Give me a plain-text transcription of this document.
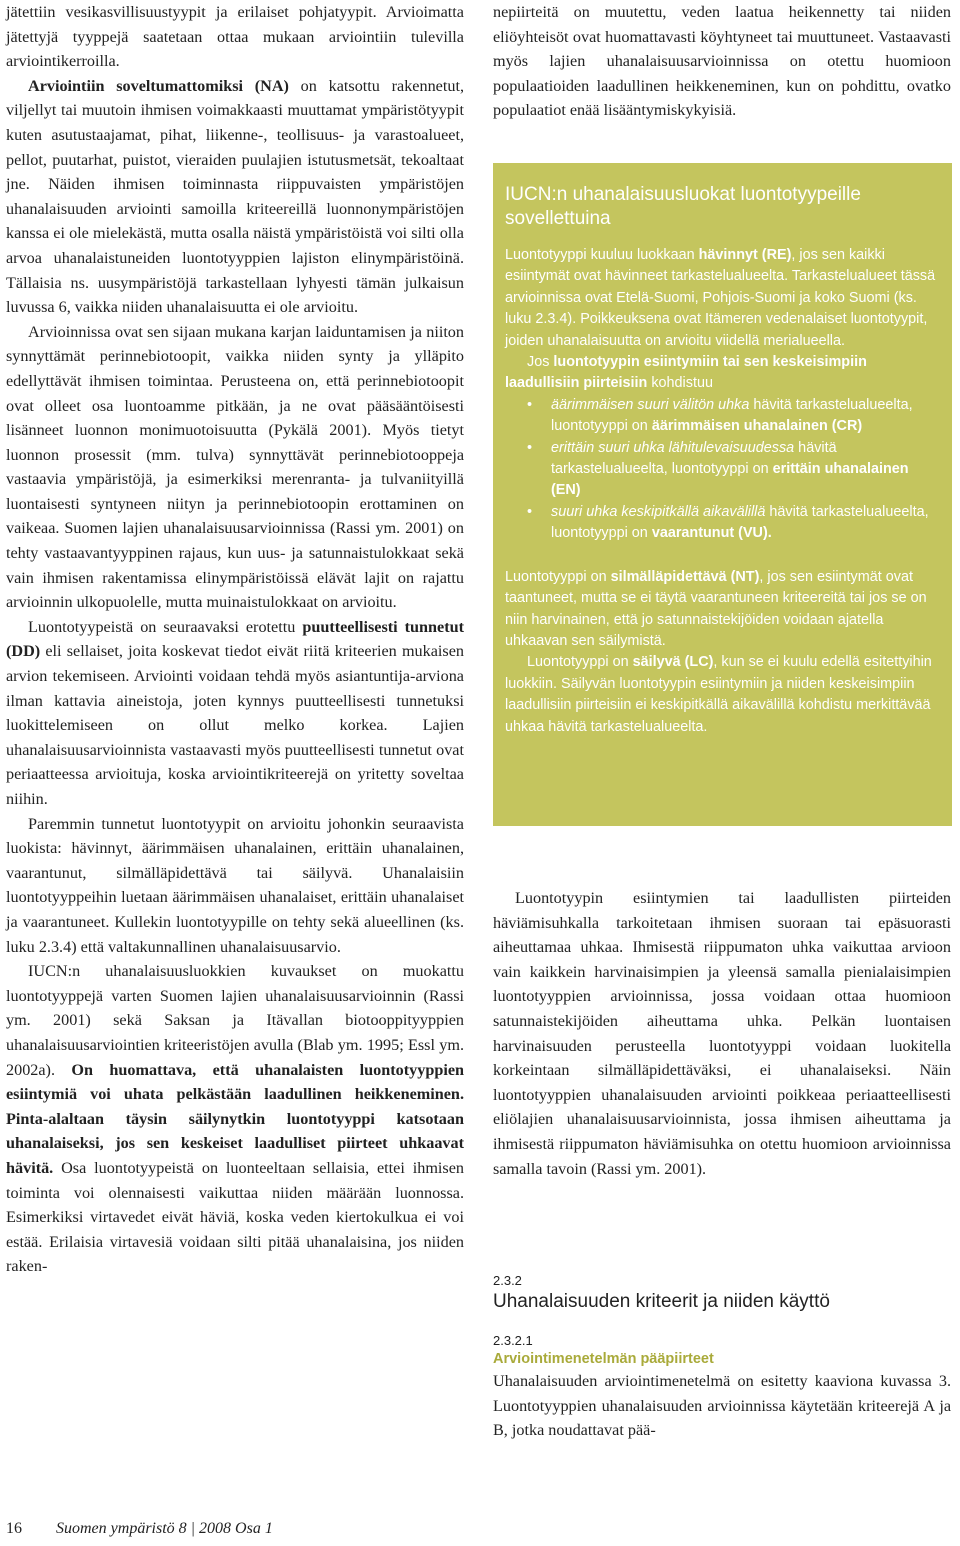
jätettiin vesikasvillisuustyypit ja erilaiset pohjatyypit. Arvioimatta jätettyjä tyyppejä saatetaan ottaa mukaan arviointiin tulevilla arviointikerroilla.

Arviointiin soveltumattomiksi (NA) on katsottu rakennetut, viljellyt tai muutoin ihmisen voimakkaasti muuttamat ympäristötyypit kuten asutustaajamat, pihat, liikenne-, teollisuus- ja varastoalueet, pellot, puutarhat, puistot, vieraiden puulajien istutusmetsät, tekoaltaat jne. Näiden ihmisen toiminnasta riippuvaisten ympäristöjen uhanalaisuuden arviointi samoilla kriteereillä luonnonympäristöjen kanssa ei ole mielekästä, mutta osalla näistä ympäristöistä voi silti olla arvoa uhanalaistuneiden luontotyyppien lajiston elinympäristöinä. Tällaisia ns. uusympäristöjä tarkastellaan lyhyesti tämän julkaisun luvussa 6, vaikka niiden uhanalaisuutta ei ole arvioitu.

Arvioinnissa ovat sen sijaan mukana karjan laiduntamisen ja niiton synnyttämät perinnebiotoopit, vaikka niiden synty ja ylläpito edellyttävät ihmisen toimintaa. Perusteena on, että perinnebiotoopit ovat olleet osa luontoamme pitkään, ja ne ovat pääsääntöisesti lisänneet luonnon monimuotoisuutta (Pykälä 2001). Myös tietyt luonnon prosessit (mm. tulva) synnyttävät perinnebiotooppeja vastaavia ympäristöjä, ja esimerkiksi merenranta- ja tulvaniityillä luontaisesti syntyneen niityn ja perinnebiotoopin erottaminen on vaikeaa. Suomen lajien uhanalaisuusarvioinnissa (Rassi ym. 2001) on tehty vastaavantyyppinen rajaus, kun uus- ja satunnaistulokkaat sekä vain ihmisen rakentamissa elinympäristöissä elävät lajit on rajattu arvioinnin ulkopuolelle, mutta muinaistulokkaat on arvioitu.

Luontotyypeistä on seuraavaksi erotettu puutteellisesti tunnetut (DD) eli sellaiset, joita koskevat tiedot eivät riitä kriteerien mukaisen arvion tekemiseen. Arviointi voidaan tehdä myös asiantuntija-arviona ilman kattavia aineistoja, joten kynnys puutteellisesti tunnetuksi luokittelemiseen on ollut melko korkea. Lajien uhanalaisuusarvioinnista vastaavasti myös puutteellisesti tunnetut ovat periaatteessa arvioituja, koska arviointikriteerejä on yritetty soveltaa niihin.

Paremmin tunnetut luontotyypit on arvioitu johonkin seuraavista luokista: hävinnyt, äärimmäisen uhanalainen, erittäin uhanalainen, vaarantunut, silmälläpidettävä tai säilyvä. Uhanalaisiin luontotyyppeihin luetaan äärimmäisen uhanalaiset, erittäin uhanalaiset ja vaarantuneet. Kullekin luontotyypille on tehty sekä alueellinen (ks. luku 2.3.4) että valtakunnallinen uhanalaisuusarvio.

IUCN:n uhanalaisuusluokkien kuvaukset on muokattu luontotyyppejä varten Suomen lajien uhanalaisuusarvioinnin (Rassi ym. 2001) sekä Saksan ja Itävallan biotooppityyppien uhanalaisuusarviointien kriteeristöjen avulla (Blab ym. 1995; Essl ym. 2002a). On huomattava, että uhanalaisten luontotyyppien esiintymiä voi uhata pelkästään laadullinen heikkeneminen. Pinta-alaltaan täysin säilynytkin luontotyyppi katsotaan uhanalaiseksi, jos sen keskeiset laadulliset piirteet uhkaavat hävitä. Osa luontotyypeistä on luonteeltaan sellaisia, ettei ihmisen toiminta voi olennaisesti vaikuttaa niiden määrään luonnossa. Esimerkiksi virtavedet eivät häviä, koska veden kiertokulkua ei voi estää. Erilaisia virtavesiä voidaan silti pitää uhanalaisina, jos niiden raken-

nepiirteitä on muutettu, veden laatua heikennetty tai niiden eliöyhteisöt ovat huomattavasti köyhtyneet tai muuttuneet. Vastaavasti myös lajien uhanalaisuusarvioinnissa on otettu huomioon populaatioiden laadullinen heikkeneminen, kun on pohdittu, ovatko populaatiot enää lisääntymiskykyisiä.

IUCN:n uhanalaisuusluokat luontotyypeille sovellettuina

Luontotyyppi kuuluu luokkaan hävinnyt (RE), jos sen kaikki esiintymät ovat hävinneet tarkastelualueelta. Tarkastelualueet tässä arvioinnissa ovat Etelä-Suomi, Pohjois-Suomi ja koko Suomi (ks. luku 2.3.4). Poikkeuksena ovat Itämeren vedenalaiset luontotyypit, joiden uhanalaisuutta on arvioitu viidellä merialueella.

Jos luontotyypin esiintymiin tai sen keskeisimpiin laadullisiin piirteisiin kohdistuu

• äärimmäisen suuri välitön uhka hävitä tarkastelualueelta, luontotyyppi on äärimmäisen uhanalainen (CR)
• erittäin suuri uhka lähitulevaisuudessa hävitä tarkastelualueelta, luontotyyppi on erittäin uhanalainen (EN)
• suuri uhka keskipitkällä aikavälillä hävitä tarkastelualueelta, luontotyyppi on vaarantunut (VU).

Luontotyyppi on silmälläpidettävä (NT), jos sen esiintymät ovat taantuneet, mutta se ei täytä vaarantuneen kriteereitä tai jos se on niin harvinainen, että jo satunnaistekijöiden voidaan ajatella uhkaavan sen säilymistä.

Luontotyyppi on säilyvä (LC), kun se ei kuulu edellä esitettyihin luokkiin. Säilyvän luontotyypin esiintymiin ja niiden keskeisimpiin laadullisiin piirteisiin ei keskipitkällä aikavälillä kohdistu merkittävää uhkaa hävitä tarkastelualueelta.

Luontotyypin esiintymien tai laadullisten piirteiden häviämisuhkalla tarkoitetaan ihmisen suoraan tai epäsuorasti aiheuttamaa uhkaa. Ihmisestä riippumaton uhka vaikuttaa arvioon vain kaikkein harvinaisimpien ja yleensä samalla pienialaisimpien luontotyyppien arvioinnissa, jossa voidaan ottaa huomioon satunnaistekijöiden aiheuttama uhka. Pelkän luontaisen harvinaisuuden perusteella luontotyyppi voidaan luokitella korkeintaan silmälläpidettäväksi, ei uhanalaiseksi. Näin luontotyyppien uhanalaisuuden arviointi poikkeaa periaatteellisesti eliölajien uhanalaisuusarvioinnista, jossa ihmisen aiheuttama ja ihmisestä riippumaton häviämisuhka on otettu huomioon arvioinnissa samalla tavoin (Rassi ym. 2001).

2.3.2
Uhanalaisuuden kriteerit ja niiden käyttö
2.3.2.1
Arviointimenetelmän pääpiirteet

Uhanalaisuuden arviointimenetelmä on esitetty kaaviona kuvassa 3. Luontotyyppien uhanalaisuuden arvioinnissa käytetään kriteerejä A ja B, jotka noudattavat pää-

16 Suomen ympäristö 8 | 2008 Osa 1
